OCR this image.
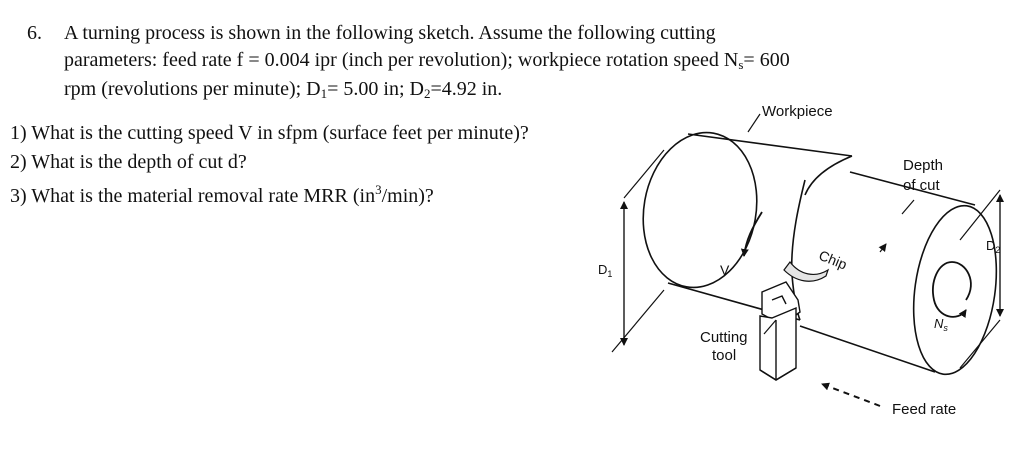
6. A turning process is shown in the following sketch. Assume the following cutting
parameters: feed rate f = 0.004 ipr (inch per revolution); workpiece rotation speed $N_s= 600$
rpm (revolutions per minute); $D_1= 5.00$ in; $D_2=4.92$ in.
1) What is the cutting speed V in sfpm (surface feet per minute)?
2) What is the depth of cut d?
3) What is the material removal rate MRR $(in^3/\min)$?
Workpiece
Depth
of cut
Chip
$D_1$
$D_2$
V
$N_s$
Cutting
tool
Feed rate
